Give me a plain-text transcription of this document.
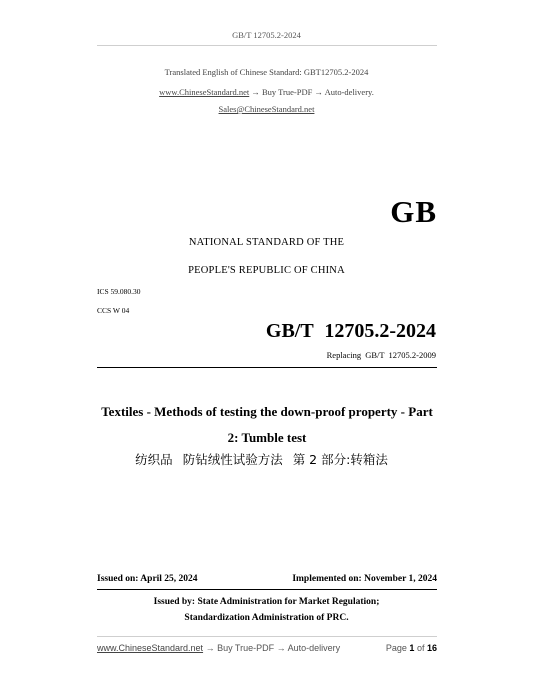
GB/T 12705.2-2024
Translated English of Chinese Standard: GBT12705.2-2024
www.ChineseStandard.net → Buy True-PDF → Auto-delivery.
Sales@ChineseStandard.net
GB
NATIONAL STANDARD OF THE
PEOPLE'S REPUBLIC OF CHINA
ICS 59.080.30
CCS W 04
GB/T 12705.2-2024
Replacing GB/T 12705.2-2009
Textiles - Methods of testing the down-proof property - Part 2: Tumble test
纺织品 防钻绒性试验方法 第 2 部分:转箱法
Issued on: April 25, 2024	Implemented on: November 1, 2024
Issued by: State Administration for Market Regulation;
Standardization Administration of PRC.
www.ChineseStandard.net → Buy True-PDF → Auto-delivery	Page 1 of 16
